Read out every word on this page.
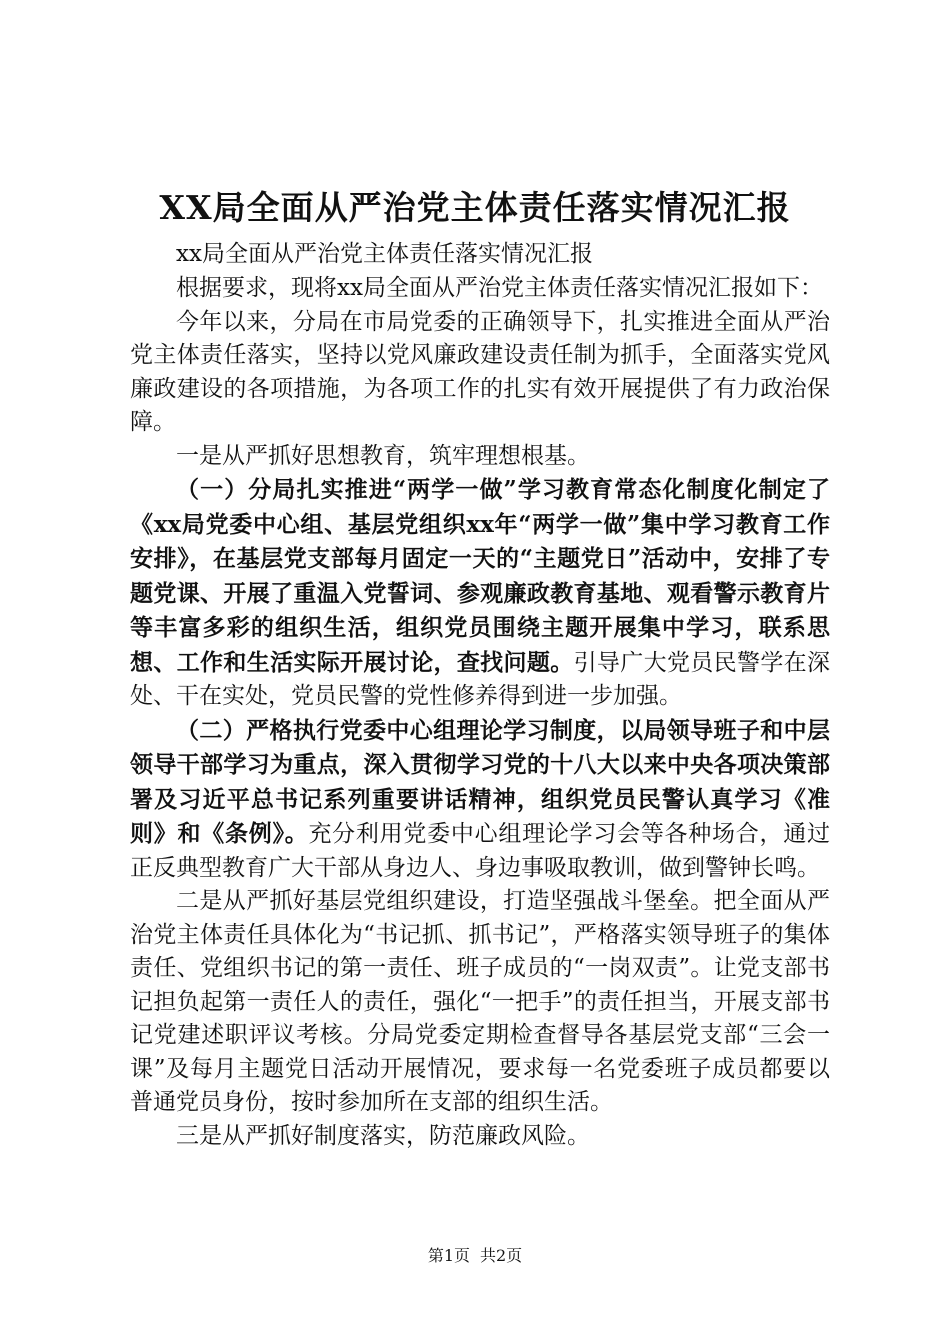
XX局全面从严治党主体责任落实情况汇报

xx局全面从严治党主体责任落实情况汇报

根据要求，现将xx局全面从严治党主体责任落实情况汇报如下：

今年以来，分局在市局党委的正确领导下，扎实推进全面从严治党主体责任落实，坚持以党风廉政建设责任制为抓手，全面落实党风廉政建设的各项措施，为各项工作的扎实有效开展提供了有力政治保障。

一是从严抓好思想教育，筑牢理想根基。

（一）分局扎实推进“两学一做”学习教育常态化制度化制定了《xx局党委中心组、基层党组织xx年“两学一做”集中学习教育工作安排》，在基层党支部每月固定一天的“主题党日”活动中，安排了专题党课、开展了重温入党誓词、参观廉政教育基地、观看警示教育片等丰富多彩的组织生活，组织党员围绕主题开展集中学习，联系思想、工作和生活实际开展讨论，查找问题。引导广大党员民警学在深处、干在实处，党员民警的党性修养得到进一步加强。

（二）严格执行党委中心组理论学习制度，以局领导班子和中层领导干部学习为重点，深入贯彻学习党的十八大以来中央各项决策部署及习近平总书记系列重要讲话精神，组织党员民警认真学习《准则》和《条例》。充分利用党委中心组理论学习会等各种场合，通过正反典型教育广大干部从身边人、身边事吸取教训，做到警钟长鸣。

二是从严抓好基层党组织建设，打造坚强战斗堡垒。把全面从严治党主体责任具体化为“书记抓、抓书记”，严格落实领导班子的集体责任、党组织书记的第一责任、班子成员的“一岗双责”。让党支部书记担负起第一责任人的责任，强化“一把手”的责任担当，开展支部书记党建述职评议考核。分局党委定期检查督导各基层党支部“三会一课”及每月主题党日活动开展情况，要求每一名党委班子成员都要以普通党员身份，按时参加所在支部的组织生活。

三是从严抓好制度落实，防范廉政风险。

第1页 共2页
